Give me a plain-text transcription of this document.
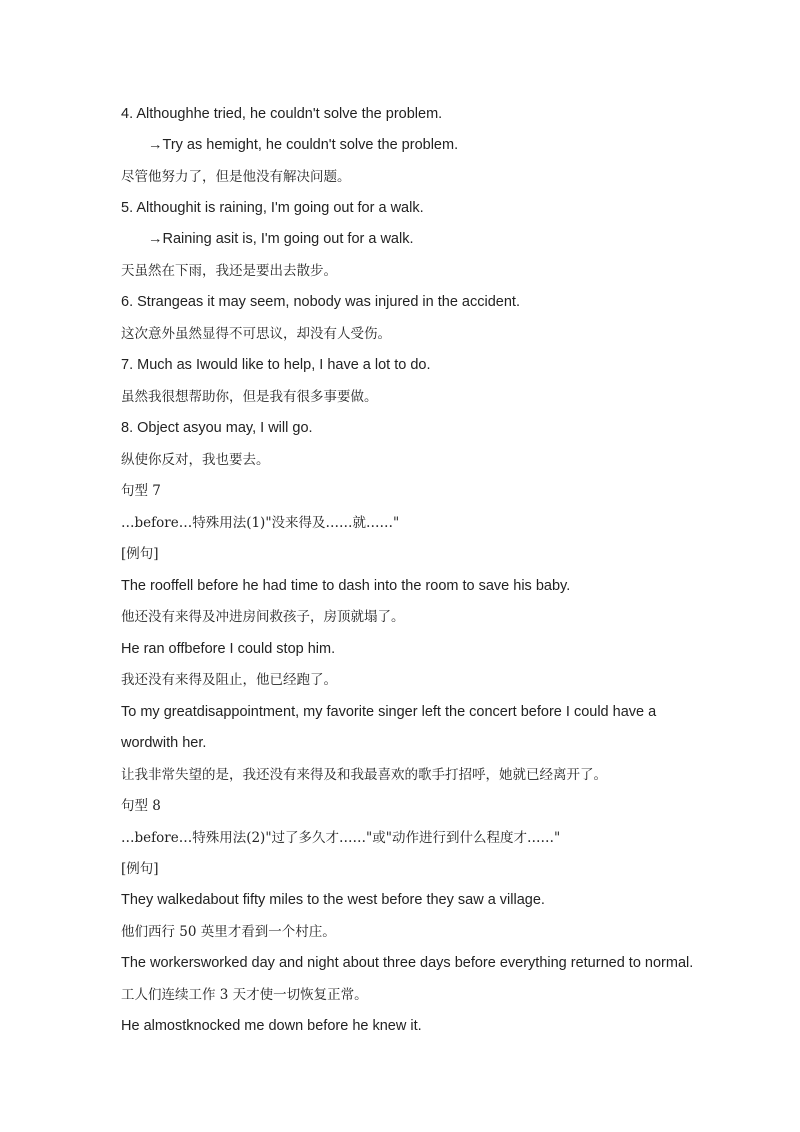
4. Althoughhe tried, he couldn't solve the problem.
→Try as hemight, he couldn't solve the problem.
尽管他努力了，但是他没有解决问题。
5. Althoughit is raining, I'm going out for a walk.
→Raining asit is, I'm going out for a walk.
天虽然在下雨，我还是要出去散步。
6. Strangeas it may seem, nobody was injured in the accident.
这次意外虽然显得不可思议，却没有人受伤。
7. Much as Iwould like to help, I have a lot to do.
虽然我很想帮助你，但是我有很多事要做。
8. Object asyou may, I will go.
纵使你反对，我也要去。
句型 7
…before…特殊用法(1)"没来得及……就……"
[例句]
The rooffell before he had time to dash into the room to save his baby.
他还没有来得及冲进房间救孩子，房顶就塌了。
He ran offbefore I could stop him.
我还没有来得及阻止，他已经跑了。
To my greatdisappointment, my favorite singer left the concert before I could have a
wordwith her.
让我非常失望的是，我还没有来得及和我最喜欢的歌手打招呼，她就已经离开了。
句型 8
…before…特殊用法(2)"过了多久才……"或"动作进行到什么程度才……"
[例句]
They walkedabout fifty miles to the west before they saw a village.
他们西行 50 英里才看到一个村庄。
The workersworked day and night about three days before everything returned to normal.
工人们连续工作 3 天才使一切恢复正常。
He almostknocked me down before he knew it.
